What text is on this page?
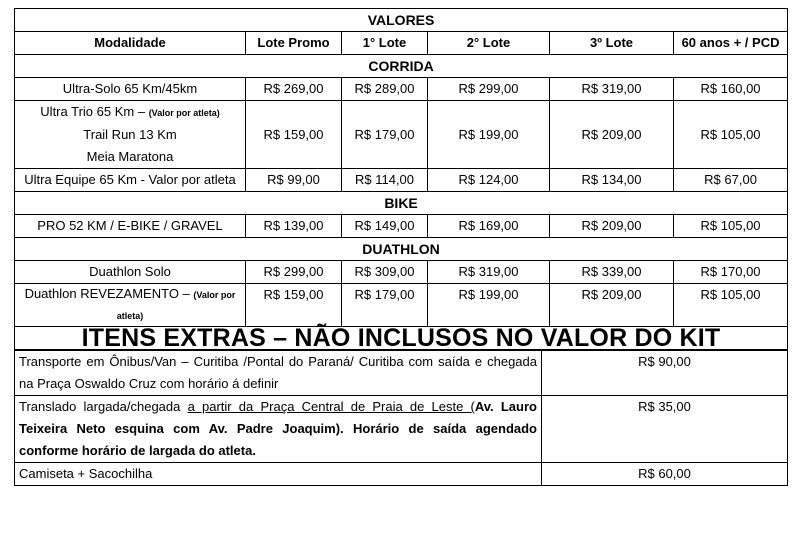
VALORES					
Modalidade	Lote Promo	1° Lote	2° Lote	3º Lote	60 anos + / PCD
CORRIDA					
Ultra-Solo 65 Km/45km	R$ 269,00	R$ 289,00	R$ 299,00	R$ 319,00	R$ 160,00

Ultra Trio 65 Km – (Valor por atleta)
Trail Run 13 Km
Meia Maratona	R$ 159,00	R$ 179,00	R$ 199,00	R$ 209,00	R$ 105,00
Ultra Equipe 65 Km - Valor por atleta	R$ 99,00	R$ 114,00	R$ 124,00	R$ 134,00	R$ 67,00
BIKE					
PRO 52 KM / E-BIKE / GRAVEL	R$ 139,00	R$ 149,00	R$ 169,00	R$ 209,00	R$ 105,00
DUATHLON					
Duathlon Solo	R$ 299,00	R$ 309,00	R$ 319,00	R$ 339,00	R$ 170,00

Duathlon REVEZAMENTO – (Valor por atleta)	R$ 159,00	R$ 179,00	R$ 199,00	R$ 209,00	R$ 105,00
ITENS EXTRAS – NÃO INCLUSOS NO VALOR DO KIT					
Transporte em Ônibus/Van – Curitiba /Pontal do Paraná/ Curitiba com saída e chegada na Praça Oswaldo Cruz com horário á definir	R$ 90,00
Translado largada/chegada a partir da Praça Central de Praia de Leste (Av. Lauro Teixeira Neto esquina com Av. Padre Joaquim). Horário de saída agendado conforme horário de largada do atleta.	R$ 35,00
Camiseta + Sacochilha	R$ 60,00
